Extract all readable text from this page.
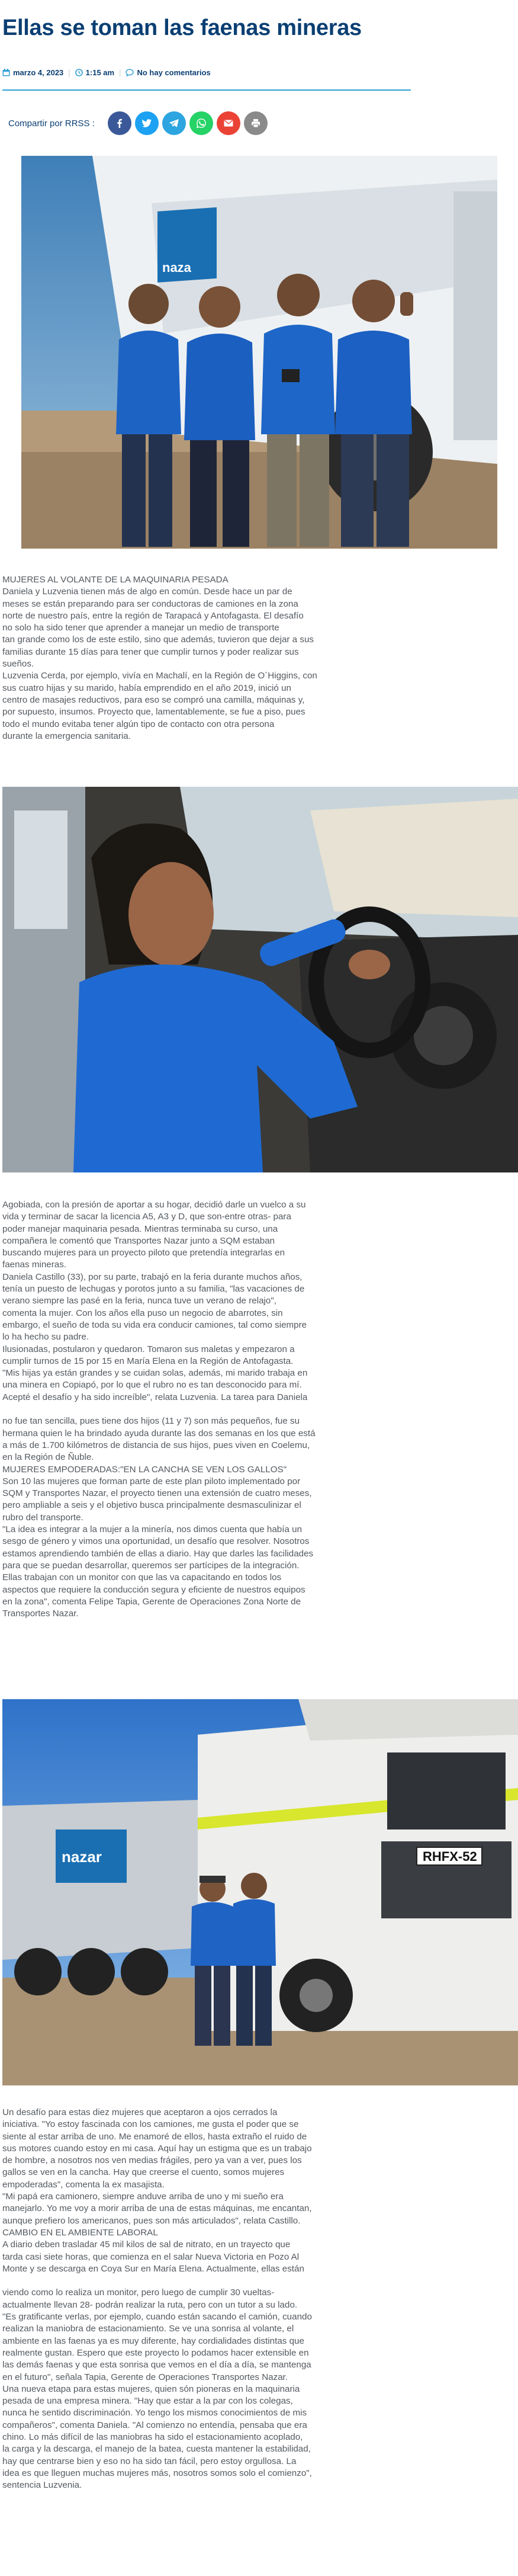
Ellas se toman las faenas mineras
marzo 4, 2023 | 1:15 am | No hay comentarios
Compartir por RRSS :
naza

MUJERES AL VOLANTE DE LA MAQUINARIA PESADA

Daniela y Luzvenia tienen más de algo en común. Desde hace un par de

meses se están preparando para ser conductoras de camiones en la zona

norte de nuestro país, entre la región de Tarapacá y Antofagasta. El desafío

no solo ha sido tener que aprender a manejar un medio de transporte

tan grande como los de este estilo, sino que además, tuvieron que dejar a sus

familias durante 15 días para tener que cumplir turnos y poder realizar sus

sueños.

Luzvenia Cerda, por ejemplo, vivía en Machalí, en la Región de O´Higgins, con

sus cuatro hijas y su marido, había emprendido en el año 2019, inició un

centro de masajes reductivos, para eso se compró una camilla, máquinas y,

por supuesto, insumos. Proyecto que, lamentablemente, se fue a piso, pues

todo el mundo evitaba tener algún tipo de contacto con otra persona

durante la emergencia sanitaria.

Agobiada, con la presión de aportar a su hogar, decidió darle un vuelco a su

vida y terminar de sacar la licencia A5, A3 y D, que son-entre otras- para

poder manejar maquinaria pesada. Mientras terminaba su curso, una

compañera le comentó que Transportes Nazar junto a SQM estaban

buscando mujeres para un proyecto piloto que pretendía integrarlas en

faenas mineras.

Daniela Castillo (33), por su parte, trabajó en la feria durante muchos años,

tenía un puesto de lechugas y porotos junto a su familia, "las vacaciones de

verano siempre las pasé en la feria, nunca tuve un verano de relajo",

comenta la mujer. Con los años ella puso un negocio de abarrotes, sin

embargo, el sueño de toda su vida era conducir camiones, tal como siempre

lo ha hecho su padre.

Ilusionadas, postularon y quedaron. Tomaron sus maletas y empezaron a

cumplir turnos de 15 por 15 en María Elena en la Región de Antofagasta.

"Mis hijas ya están grandes y se cuidan solas, además, mi marido trabaja en

una minera en Copiapó, por lo que el rubro no es tan desconocido para mí.

Acepté el desafío y ha sido increíble", relata Luzvenia. La tarea para Daniela

no fue tan sencilla, pues tiene dos hijos (11 y 7) son más pequeños, fue su

hermana quien le ha brindado ayuda durante las dos semanas en los que está

a más de 1.700 kilómetros de distancia de sus hijos, pues viven en Coelemu,

en la Región de Ñuble.

MUJERES EMPODERADAS:"EN LA CANCHA SE VEN LOS GALLOS"

Son 10 las mujeres que forman parte de este plan piloto implementado por

SQM y Transportes Nazar, el proyecto tienen una extensión de cuatro meses,

pero ampliable a seis y el objetivo busca principalmente desmasculinizar el

rubro del transporte.

"La idea es integrar a la mujer a la minería, nos dimos cuenta que había un

sesgo de género y vimos una oportunidad, un desafío que resolver. Nosotros

estamos aprendiendo también de ellas a diario. Hay que darles las facilidades

para que se puedan desarrollar, queremos ser partícipes de la integración.

Ellas trabajan con un monitor con que las va capacitando en todos los

aspectos que requiere la conducción segura y eficiente de nuestros equipos

en la zona", comenta Felipe Tapia, Gerente de Operaciones Zona Norte de

Transportes Nazar.

nazar	RHFX-52

Un desafío para estas diez mujeres que aceptaron a ojos cerrados la

iniciativa. "Yo estoy fascinada con los camiones, me gusta el poder que se

siente al estar arriba de uno. Me enamoré de ellos, hasta extraño el ruido de

sus motores cuando estoy en mi casa. Aquí hay un estigma que es un trabajo

de hombre, a nosotros nos ven medias frágiles, pero ya van a ver, pues los

gallos se ven en la cancha. Hay que creerse el cuento, somos mujeres

empoderadas", comenta la ex masajista.

"Mi papá era camionero, siempre anduve arriba de uno y mi sueño era

manejarlo. Yo me voy a morir arriba de una de estas máquinas, me encantan,

aunque prefiero los americanos, pues son más articulados", relata Castillo.

CAMBIO EN EL AMBIENTE LABORAL

A diario deben trasladar 45 mil kilos de sal de nitrato, en un trayecto que

tarda casi siete horas, que comienza en el salar Nueva Victoria en Pozo Al

Monte y se descarga en Coya Sur en María Elena. Actualmente, ellas están

viendo como lo realiza un monitor, pero luego de cumplir 30 vueltas-

actualmente llevan 28- podrán realizar la ruta, pero con un tutor a su lado.

"Es gratificante verlas, por ejemplo, cuando están sacando el camión, cuando

realizan la maniobra de estacionamiento. Se ve una sonrisa al volante, el

ambiente en las faenas ya es muy diferente, hay cordialidades distintas que

realmente gustan. Espero que este proyecto lo podamos hacer extensible en

las demás faenas y que esta sonrisa que vemos en el día a día, se mantenga

en el futuro", señala Tapia, Gerente de Operaciones Transportes Nazar.

Una nueva etapa para estas mujeres, quien són pioneras en la maquinaria

pesada de una empresa minera. "Hay que estar a la par con los colegas,

nunca he sentido discriminación. Yo tengo los mismos conocimientos de mis

compañeros", comenta Daniela. "Al comienzo no entendía, pensaba que era

chino. Lo más difícil de las maniobras ha sido el estacionamiento acoplado,

la carga y la descarga, el manejo de la batea, cuesta mantener la estabilidad,

hay que centrarse bien y eso no ha sido tan fácil, pero estoy orgullosa. La

idea es que lleguen muchas mujeres más, nosotros somos solo el comienzo",

sentencia Luzvenia.
